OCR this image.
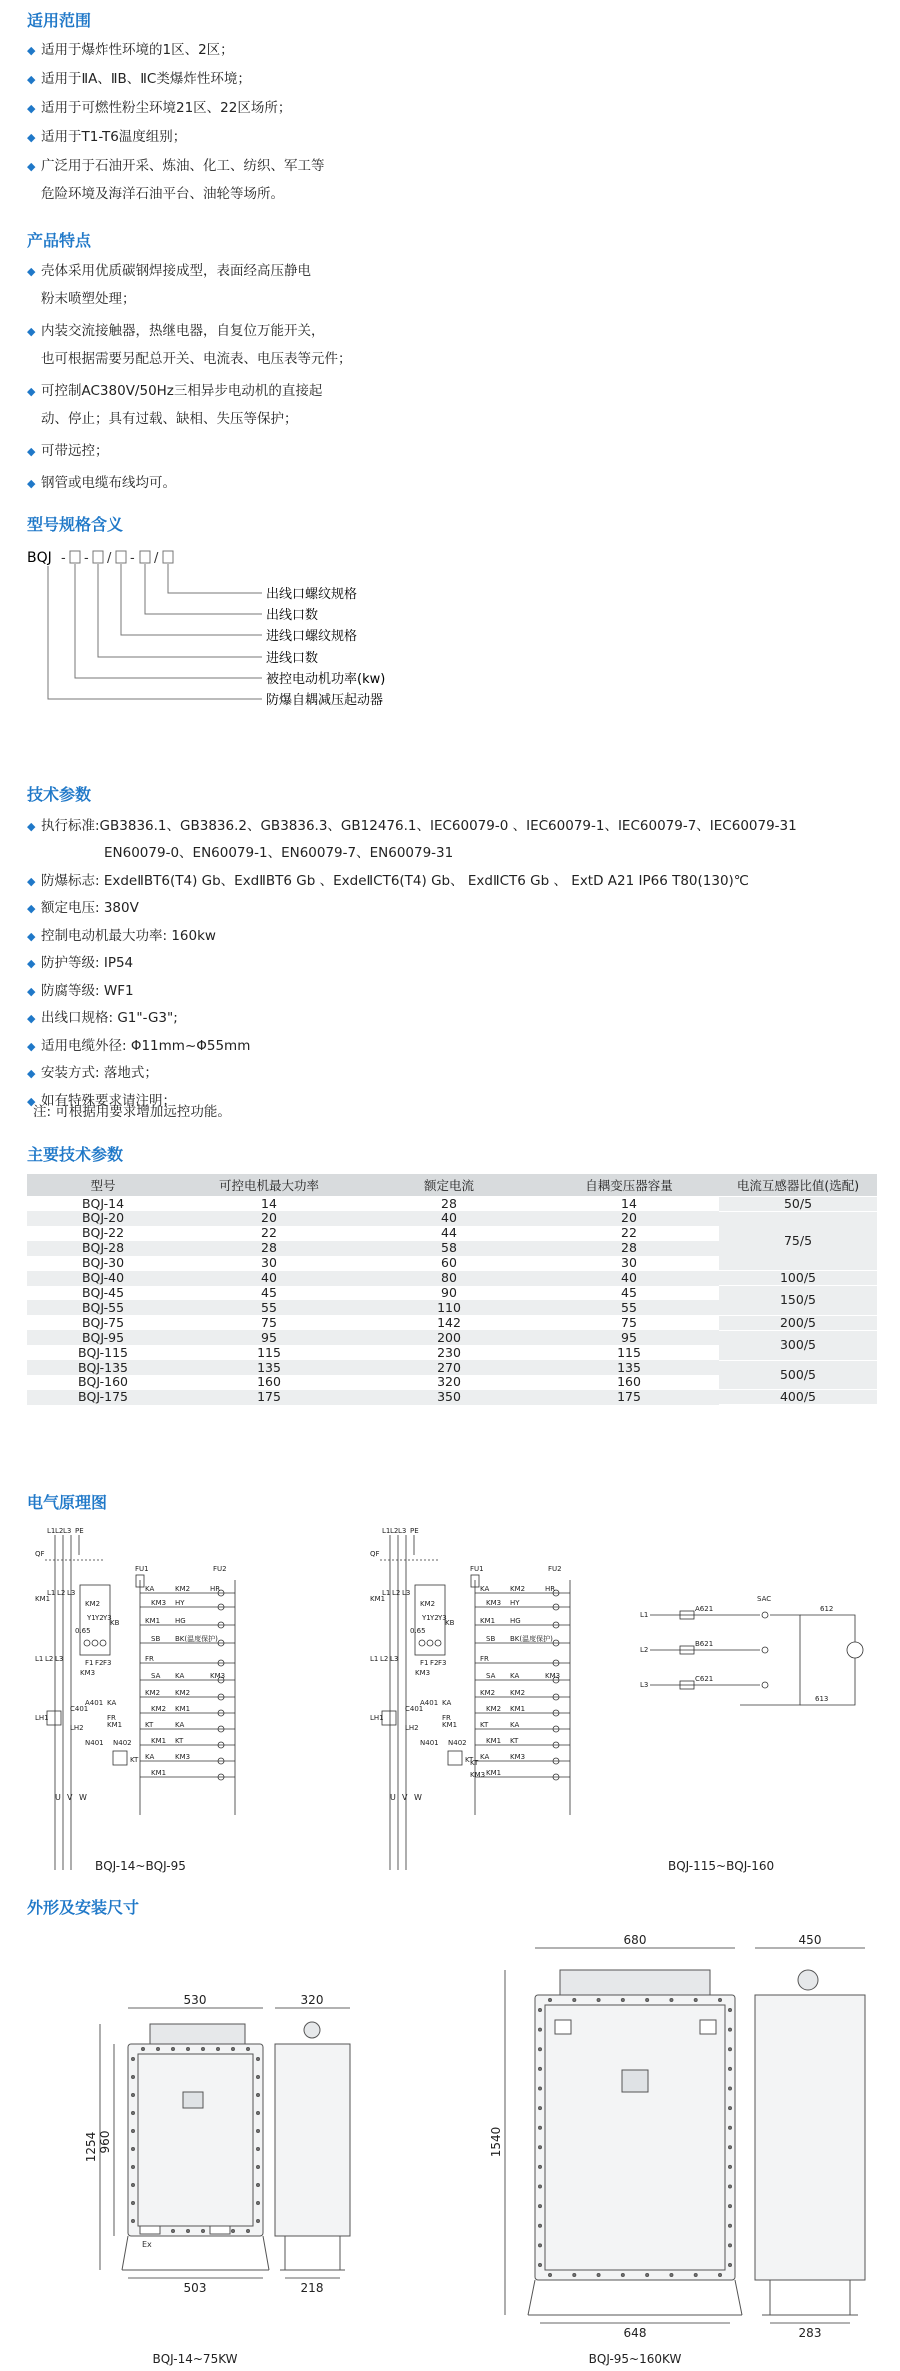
适用范围
◆ 适用于爆炸性环境的1区、2区；
◆ 适用于ⅡA、ⅡB、ⅡC类爆炸性环境；
◆ 适用于可燃性粉尘环境21区、22区场所；
◆ 适用于T1-T6温度组别；
◆ 广泛用于石油开采、炼油、化工、纺织、军工等
危险环境及海洋石油平台、油轮等场所。
产品特点
◆ 壳体采用优质碳钢焊接成型，表面经高压静电
粉末喷塑处理；
◆ 内装交流接触器，热继电器，自复位万能开关，
也可根据需要另配总开关、电流表、电压表等元件；
◆ 可控制AC380V/50Hz三相异步电动机的直接起
动、停止；具有过载、缺相、失压等保护；
◆ 可带远控；
◆ 钢管或电缆布线均可。
型号规格含义
BQJ - - / - /
出线口螺纹规格
出线口数
进线口螺纹规格
进线口数
被控电动机功率(kw)
防爆自耦减压起动器
技术参数
◆ 执行标准:GB3836.1、GB3836.2、GB3836.3、GB12476.1、IEC60079-0 、IEC60079-1、IEC60079-7、IEC60079-31
EN60079-0、EN60079-1、EN60079-7、EN60079-31
◆ 防爆标志: ExdeⅡBT6(T4) Gb、ExdⅡBT6 Gb 、ExdeⅡCT6(T4) Gb、 ExdⅡCT6 Gb 、 ExtD A21 IP66 T80(130)℃
◆ 额定电压: 380V
◆ 控制电动机最大功率: 160kw
◆ 防护等级: IP54
◆ 防腐等级: WF1
◆ 出线口规格: G1"-G3";
◆ 适用电缆外径: Φ11mm~Φ55mm
◆ 安装方式: 落地式；
◆ 如有特殊要求请注明；
注: 可根据用要求增加远控功能。
主要技术参数
型号	可控电机最大功率	额定电流	自耦变压器容量	电流互感器比值(选配)
BQJ-14	14	28	14	50/5
BQJ-20	20	40	20	75/5
BQJ-22	22	44	22	
BQJ-28	28	58	28	
BQJ-30	30	60	30	
BQJ-40	40	80	40	100/5
BQJ-45	45	90	45	150/5
BQJ-55	55	110	55	
BQJ-75	75	142	75	200/5
BQJ-95	95	200	95	300/5
BQJ-115	115	230	115	
BQJ-135	135	270	135	500/5
BQJ-160	160	320	160	
BQJ-175	175	350	175	400/5
电气原理图
L1 L2 L3 PE
QF
KM1
L1 L2 L3
KM2
Y1 Y2 Y3
0.65
F1 F2 F3
KM3
KB
L1 L2 L3
LH1
LH2
C401
A401 KA
FR
KM1
N401 N402
KT
U V W
FU1	FU2
KA	KM2	HR
KM3 HY
KM1 HG
SB BK(温度保护)
FR
SA KA	KM3
KM2 KM2
KM2 KM1
KT	KA
KM1 KT
KA	KM3
KM1
L1 L2 L3 PE
QF
KM1
L1 L2 L3
KM2
Y1 Y2 Y3
0.65
F1 F2 F3
KM3
KB
L1 L2 L3
LH1
LH2
C401
A401 KA
FR
KM1
N401 N402
KT
U V W
FU1	FU2
KA	KM2	HR
KM3 HY
KM1 HG
SB BK(温度保护)
FR
SA KA	KM3
KM2 KM2
KM2 KM1
KT	KA
KM1 KT
KA	KM3
KM1
KT
KM3
L1
A621
L2
B621
L3
C621
SAC
612
613
BQJ-14~BQJ-95	BQJ-115~BQJ-160
外形及安装尺寸
Ex
530
503
1254 960
320
218
BQJ-14~75KW
680
648
1540
450
283
BQJ-95~160KW
